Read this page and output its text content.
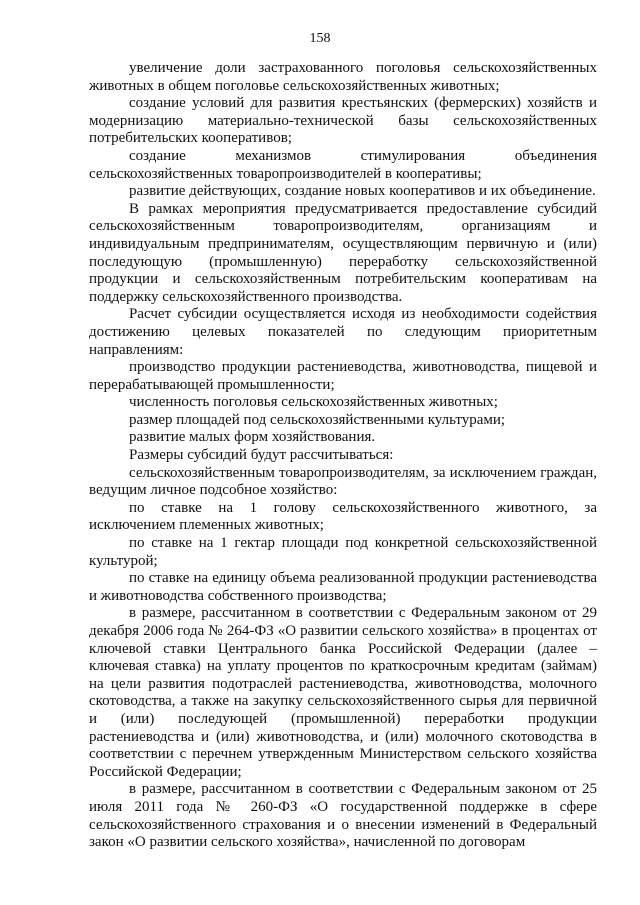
158

увеличение доли застрахованного поголовья сельскохозяйственных животных в общем поголовье сельскохозяйственных животных;

создание условий для развития крестьянских (фермерских) хозяйств и модернизацию материально-технической базы сельскохозяйственных потребительских кооперативов;

создание механизмов стимулирования объединения сельскохозяйственных товаропроизводителей в кооперативы;

развитие действующих, создание новых кооперативов и их объединение.

В рамках мероприятия предусматривается предоставление субсидий сельскохозяйственным товаропроизводителям, организациям и индивидуальным предпринимателям, осуществляющим первичную и (или) последующую (промышленную) переработку сельскохозяйственной продукции и сельскохозяйственным потребительским кооперативам на поддержку сельскохозяйственного производства.

Расчет субсидии осуществляется исходя из необходимости содействия достижению целевых показателей по следующим приоритетным направлениям:

производство продукции растениеводства, животноводства, пищевой и перерабатывающей промышленности;

численность поголовья сельскохозяйственных животных;

размер площадей под сельскохозяйственными культурами;

развитие малых форм хозяйствования.

Размеры субсидий будут рассчитываться:

сельскохозяйственным товаропроизводителям, за исключением граждан, ведущим личное подсобное хозяйство:

по ставке на 1 голову сельскохозяйственного животного, за исключением племенных животных;

по ставке на 1 гектар площади под конкретной сельскохозяйственной культурой;

по ставке на единицу объема реализованной продукции растениеводства и животноводства собственного производства;

в размере, рассчитанном в соответствии с Федеральным законом от 29 декабря 2006 года № 264-ФЗ «О развитии сельского хозяйства» в процентах от ключевой ставки Центрального банка Российской Федерации (далее – ключевая ставка) на уплату процентов по краткосрочным кредитам (займам) на цели развития подотраслей растениеводства, животноводства, молочного скотоводства, а также на закупку сельскохозяйственного сырья для первичной и (или) последующей (промышленной) переработки продукции растениеводства и (или) животноводства, и (или) молочного скотоводства в соответствии с перечнем утвержденным Министерством сельского хозяйства Российской Федерации;

в размере, рассчитанном в соответствии с Федеральным законом от 25 июля 2011 года № 260-ФЗ «О государственной поддержке в сфере сельскохозяйственного страхования и о внесении изменений в Федеральный закон «О развитии сельского хозяйства», начисленной по договорам
